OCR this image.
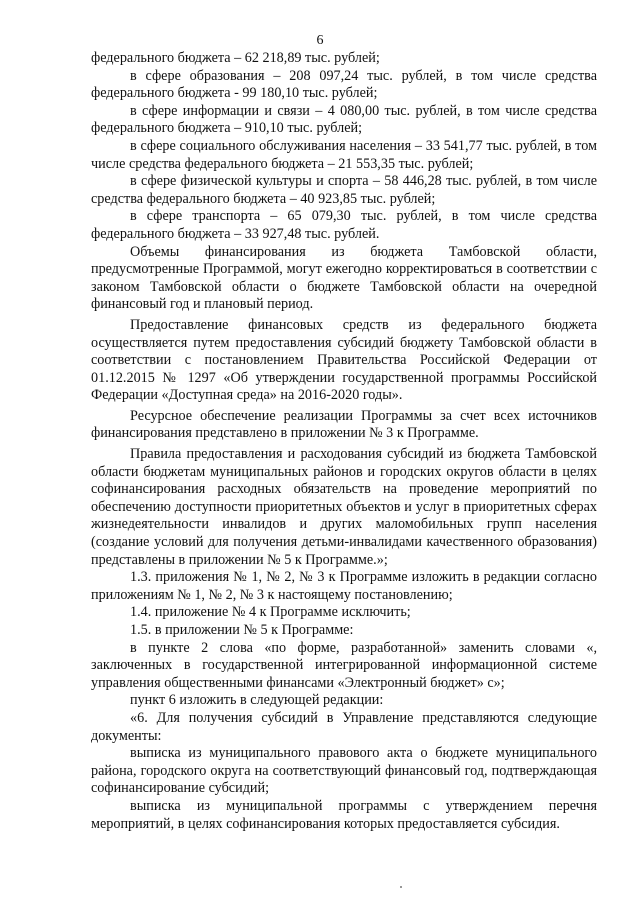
6

федерального бюджета – 62 218,89 тыс. рублей;

в сфере образования – 208 097,24 тыс. рублей, в том числе средства федерального бюджета - 99 180,10 тыс. рублей;

в сфере информации и связи – 4 080,00 тыс. рублей, в том числе средства федерального бюджета – 910,10 тыс. рублей;

в сфере социального обслуживания населения – 33 541,77 тыс. рублей, в том числе средства федерального бюджета – 21 553,35 тыс. рублей;

в сфере физической культуры и спорта – 58 446,28 тыс. рублей, в том числе средства федерального бюджета – 40 923,85 тыс. рублей;

в сфере транспорта – 65 079,30 тыс. рублей, в том числе средства федерального бюджета – 33 927,48 тыс. рублей.

Объемы финансирования из бюджета Тамбовской области, предусмотренные Программой, могут ежегодно корректироваться в соответствии с законом Тамбовской области о бюджете Тамбовской области на очередной финансовый год и плановый период.

Предоставление финансовых средств из федерального бюджета осуществляется путем предоставления субсидий бюджету Тамбовской области в соответствии с постановлением Правительства Российской Федерации от 01.12.2015 № 1297 «Об утверждении государственной программы Российской Федерации «Доступная среда» на 2016-2020 годы».

Ресурсное обеспечение реализации Программы за счет всех источников финансирования представлено в приложении № 3 к Программе.

Правила предоставления и расходования субсидий из бюджета Тамбовской области бюджетам муниципальных районов и городских округов области в целях софинансирования расходных обязательств на проведение мероприятий по обеспечению доступности приоритетных объектов и услуг в приоритетных сферах жизнедеятельности инвалидов и других маломобильных групп населения (создание условий для получения детьми-инвалидами качественного образования) представлены в приложении № 5 к Программе.»;

1.3. приложения № 1, № 2, № 3 к Программе изложить в редакции согласно приложениям № 1, № 2, № 3 к настоящему постановлению;

1.4. приложение № 4 к Программе исключить;

1.5. в приложении № 5 к Программе:

в пункте 2 слова «по форме, разработанной» заменить словами «, заключенных в государственной интегрированной информационной системе управления общественными финансами «Электронный бюджет» с»;

пункт 6 изложить в следующей редакции:

«6. Для получения субсидий в Управление представляются следующие документы:

выписка из муниципального правового акта о бюджете муниципального района, городского округа на соответствующий финансовый год, подтверждающая софинансирование субсидий;

выписка из муниципальной программы с утверждением перечня мероприятий, в целях софинансирования которых предоставляется субсидия.
